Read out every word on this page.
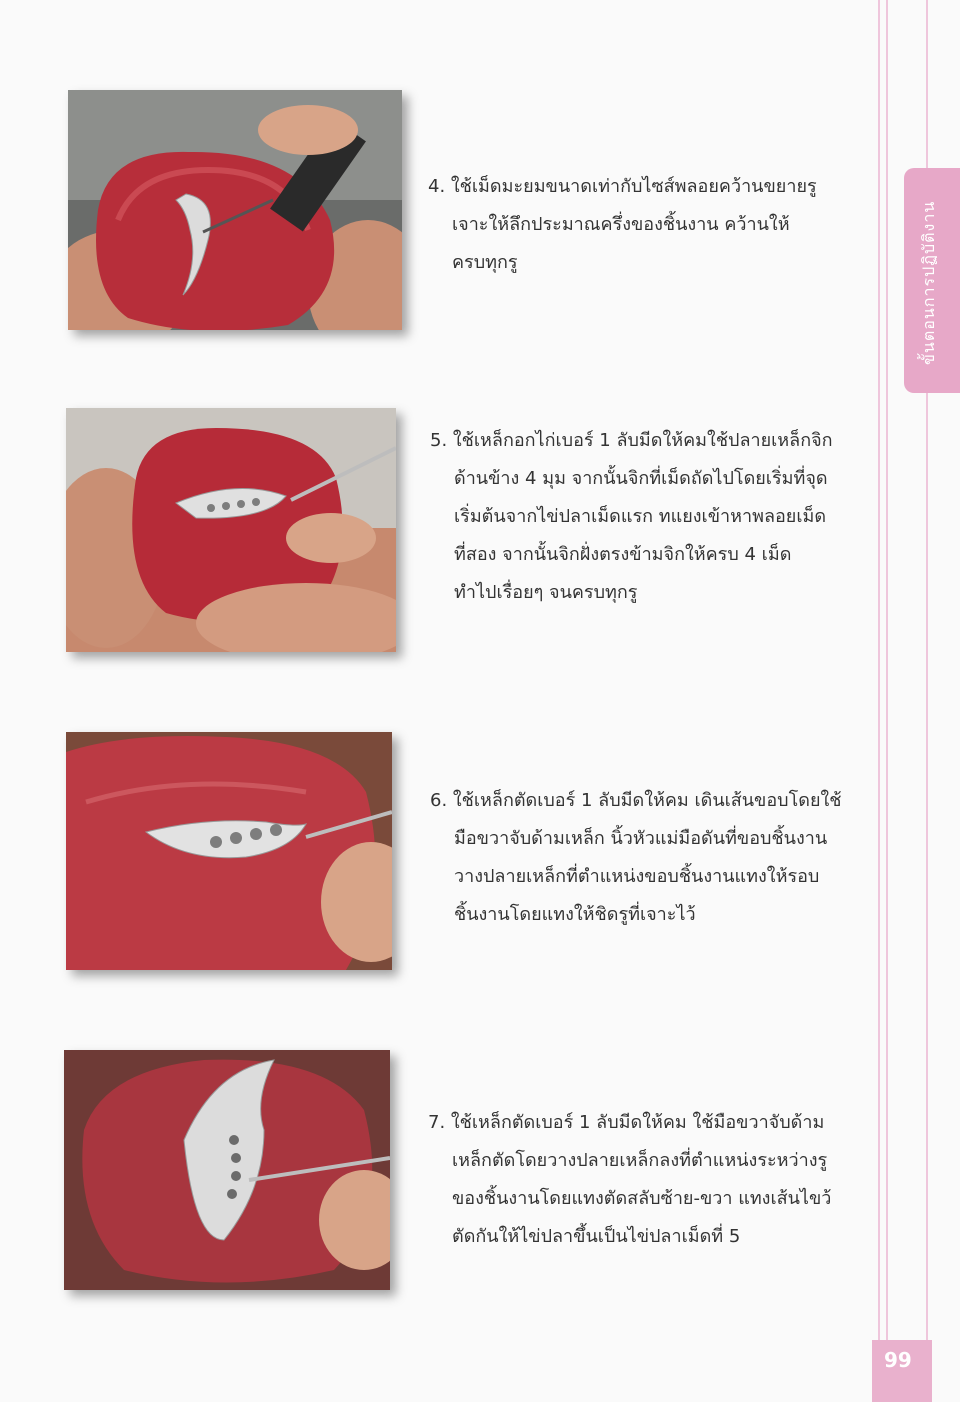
ขั้นตอนการปฏิบัติงาน
99
4. ใช้เม็ดมะยมขนาดเท่ากับไซส์พลอยคว้านขยายรู
เจาะให้ลึกประมาณครึ่งของชิ้นงาน คว้านให้
ครบทุกรู
5. ใช้เหล็กอกไก่เบอร์ 1 ลับมีดให้คมใช้ปลายเหล็กจิก
ด้านข้าง 4 มุม จากนั้นจิกที่เม็ดถัดไปโดยเริ่มที่จุด
เริ่มต้นจากไข่ปลาเม็ดแรก ทแยงเข้าหาพลอยเม็ด
ที่สอง จากนั้นจิกฝั่งตรงข้ามจิกให้ครบ 4 เม็ด
ทำไปเรื่อยๆ จนครบทุกรู
6. ใช้เหล็กตัดเบอร์ 1 ลับมีดให้คม เดินเส้นขอบโดยใช้
มือขวาจับด้ามเหล็ก นิ้วหัวแม่มือดันที่ขอบชิ้นงาน
วางปลายเหล็กที่ตำแหน่งขอบชิ้นงานแทงให้รอบ
ชิ้นงานโดยแทงให้ชิดรูที่เจาะไว้
7. ใช้เหล็กตัดเบอร์ 1 ลับมีดให้คม ใช้มือขวาจับด้าม
เหล็กตัดโดยวางปลายเหล็กลงที่ตำแหน่งระหว่างรู
ของชิ้นงานโดยแทงตัดสลับซ้าย-ขวา แทงเส้นไขว้
ตัดกันให้ไข่ปลาขึ้นเป็นไข่ปลาเม็ดที่ 5
